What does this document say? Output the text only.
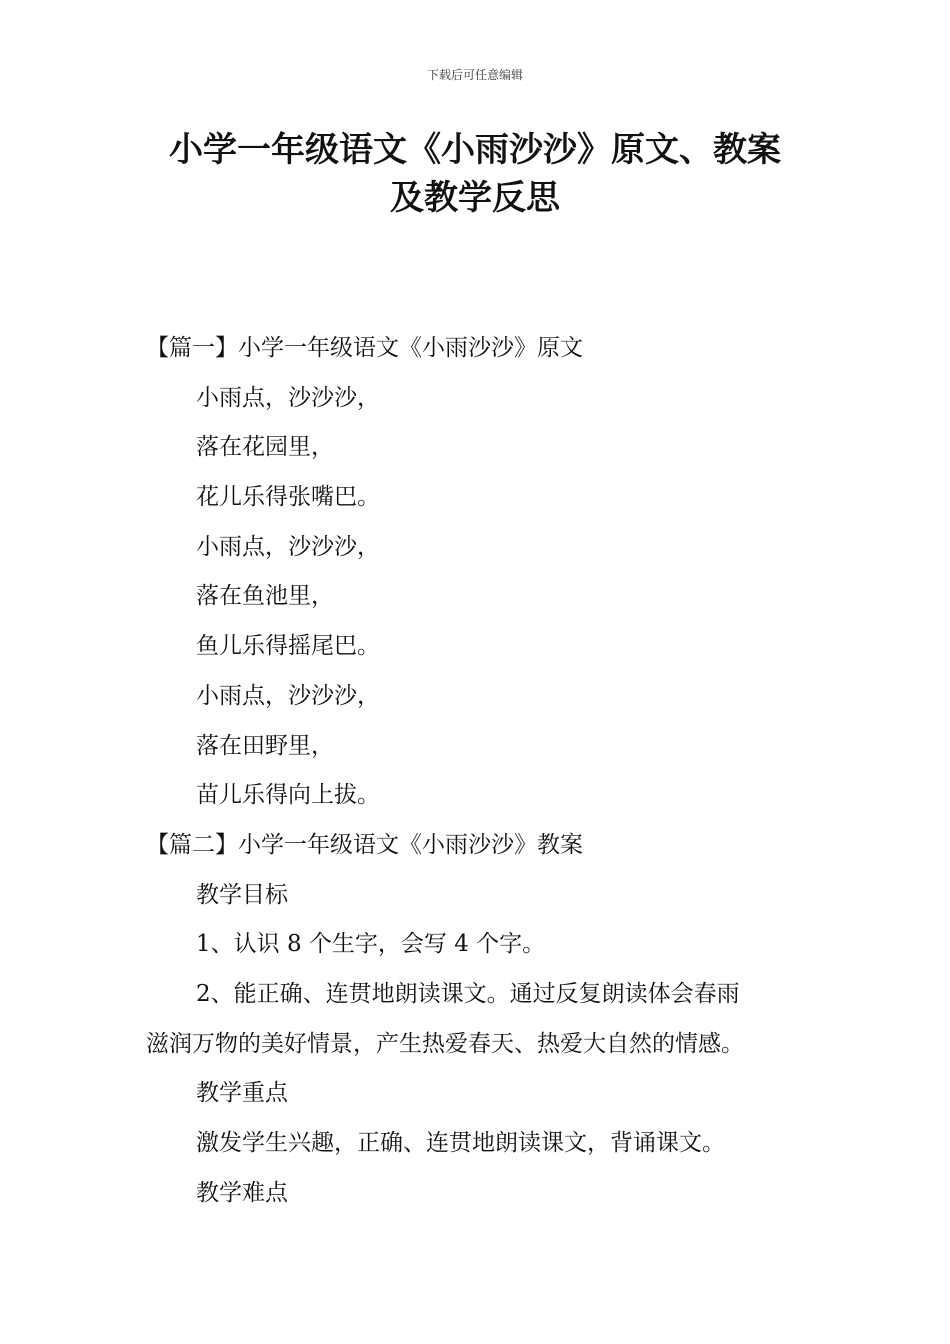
下载后可任意编辑
小学一年级语文《小雨沙沙》原文、教案
及教学反思
【篇一】小学一年级语文《小雨沙沙》原文
小雨点，沙沙沙，
落在花园里，
花儿乐得张嘴巴。
小雨点，沙沙沙，
落在鱼池里，
鱼儿乐得摇尾巴。
小雨点，沙沙沙，
落在田野里，
苗儿乐得向上拔。
【篇二】小学一年级语文《小雨沙沙》教案
教学目标
1、认识 8 个生字，会写 4 个字。
2、能正确、连贯地朗读课文。通过反复朗读体会春雨
滋润万物的美好情景，产生热爱春天、热爱大自然的情感。
教学重点
激发学生兴趣，正确、连贯地朗读课文，背诵课文。
教学难点
